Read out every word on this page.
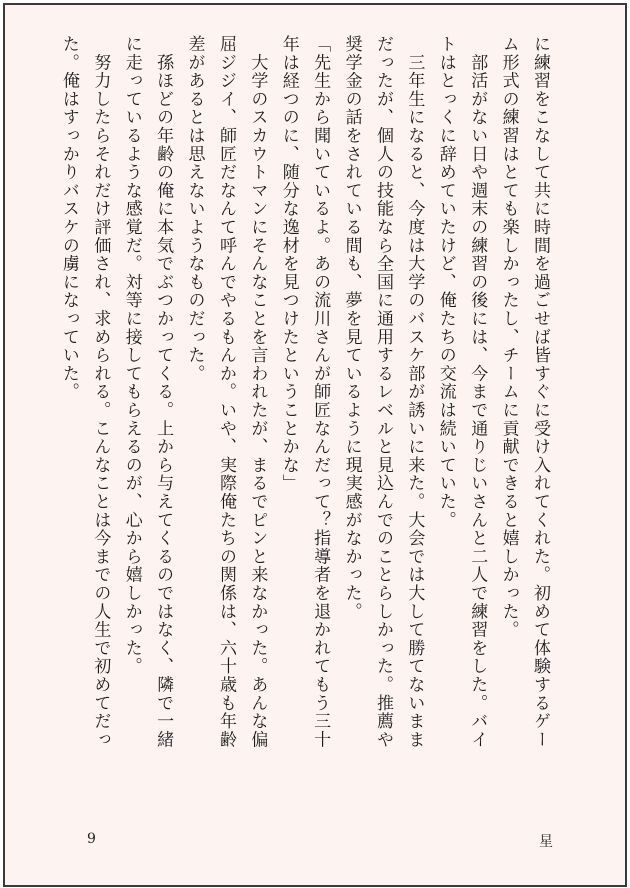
に練習をこなして共に時間を過ごせば皆すぐに受け入れてくれた。初めて体験するゲー
ム形式の練習はとても楽しかったし、チームに貢献できると嬉しかった。
　部活がない日や週末の練習の後には、今まで通りじいさんと二人で練習をした。バイ
トはとっくに辞めていたけど、俺たちの交流は続いていた。
　三年生になると、今度は大学のバスケ部が誘いに来た。大会では大して勝てないまま
だったが、個人の技能なら全国に通用するレベルと見込んでのことらしかった。推薦や
奨学金の話をされている間も、夢を見ているように現実感がなかった。
「先生から聞いているよ。あの流川さんが師匠なんだって？指導者を退かれてもう三十
年は経つのに、随分な逸材を見つけたということかな」
　大学のスカウトマンにそんなことを言われたが、まるでピンと来なかった。あんな偏
屈ジジイ、師匠だなんて呼んでやるもんか。いや、実際俺たちの関係は、六十歳も年齢
差があるとは思えないようなものだった。
　孫ほどの年齢の俺に本気でぶつかってくる。上から与えてくるのではなく、隣で一緒
に走っているような感覚だ。対等に接してもらえるのが、心から嬉しかった。
　努力したらそれだけ評価され、求められる。こんなことは今までの人生で初めてだっ
た。俺はすっかりバスケの虜になっていた。
9	星
